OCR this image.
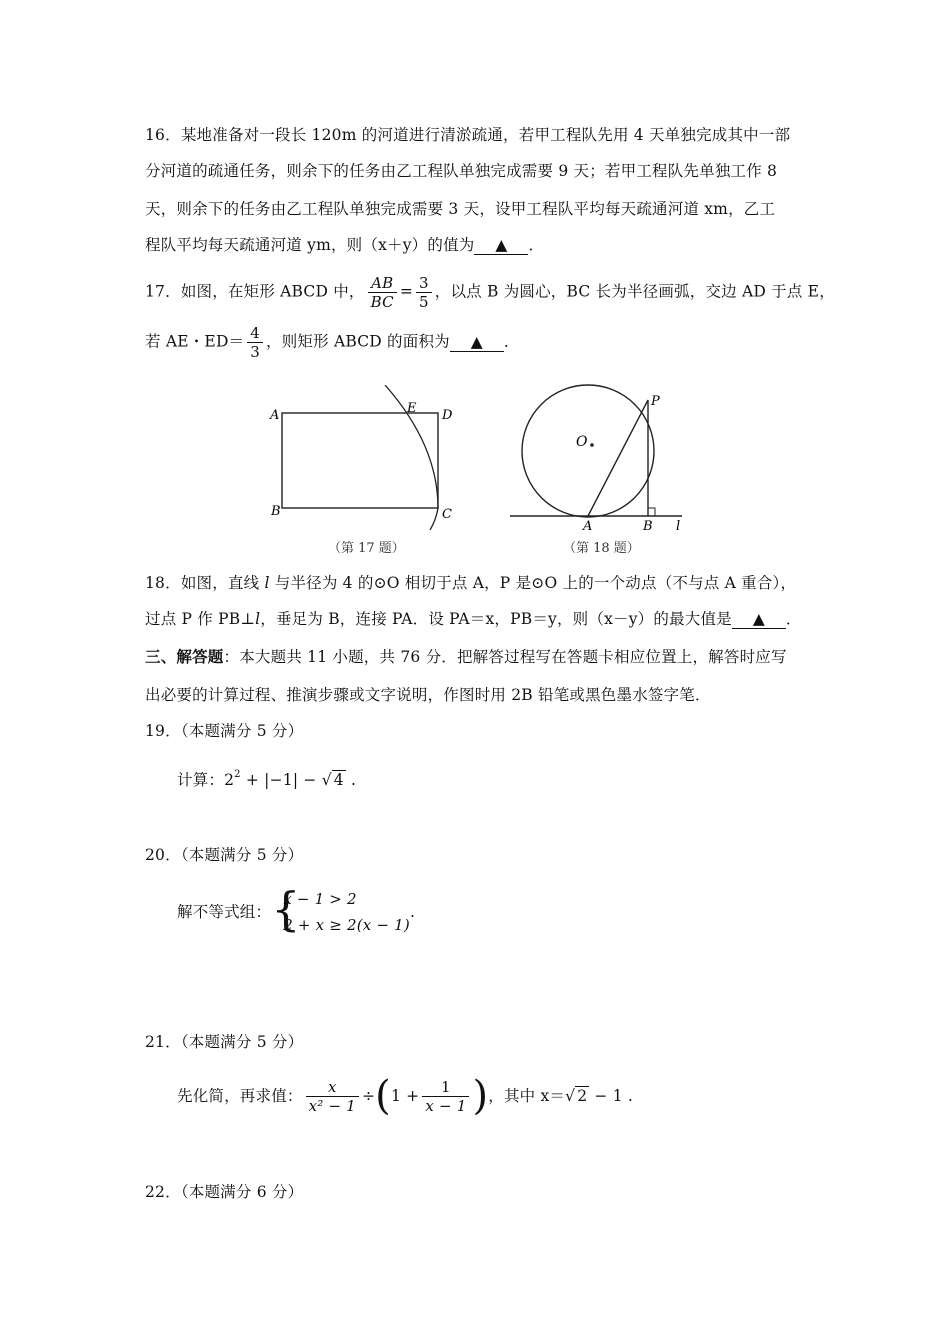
16．某地准备对一段长 120m 的河道进行清淤疏通，若甲工程队先用 4 天单独完成其中一部
分河道的疏通任务，则余下的任务由乙工程队单独完成需要 9 天；若甲工程队先单独工作 8
天，则余下的任务由乙工程队单独完成需要 3 天，设甲工程队平均每天疏通河道 xm，乙工
程队平均每天疏通河道 ym，则（x＋y）的值为 ▲ ．
17．如图，在矩形 ABCD 中， $\frac{AB}{BC} = \frac{3}{5}$ ，以点 B 为圆心，BC 长为半径画弧，交边 AD 于点 E，
若 AE・$ED= \frac{4}{3}$ ，则矩形 ABCD 的面积为 ▲ ．
A
B	C
D
E
（第 17 题）
O
P
A	B l
（第 18 题）
18．如图，直线 l 与半径为 4 的⊙O 相切于点 A，P 是⊙O 上的一个动点（不与点 A 重合），
过点 P 作 PB⊥l，垂足为 B，连接 PA．设 PA＝x，PB＝y，则（x－y）的最大值是 ▲ ．
三、解答题：本大题共 11 小题，共 76 分．把解答过程写在答题卡相应位置上，解答时应写
出必要的计算过程、推演步骤或文字说明，作图时用 2B 铅笔或黑色墨水签字笔．
19．（本题满分 5 分）
计算：$2^2 + |-1|$ − √ 4 .
20．（本题满分 5 分）
解不等式组： {
x − 1 > 2
2 + x ≥ 2(x − 1)
.
21．（本题满分 5 分）
先化简，再求值： $\frac{x}{\text{x² − 1}} \div(1 + \frac{1}{x - 1}$ )，其中 x＝√ 2 − 1 .
22．（本题满分 6 分）
